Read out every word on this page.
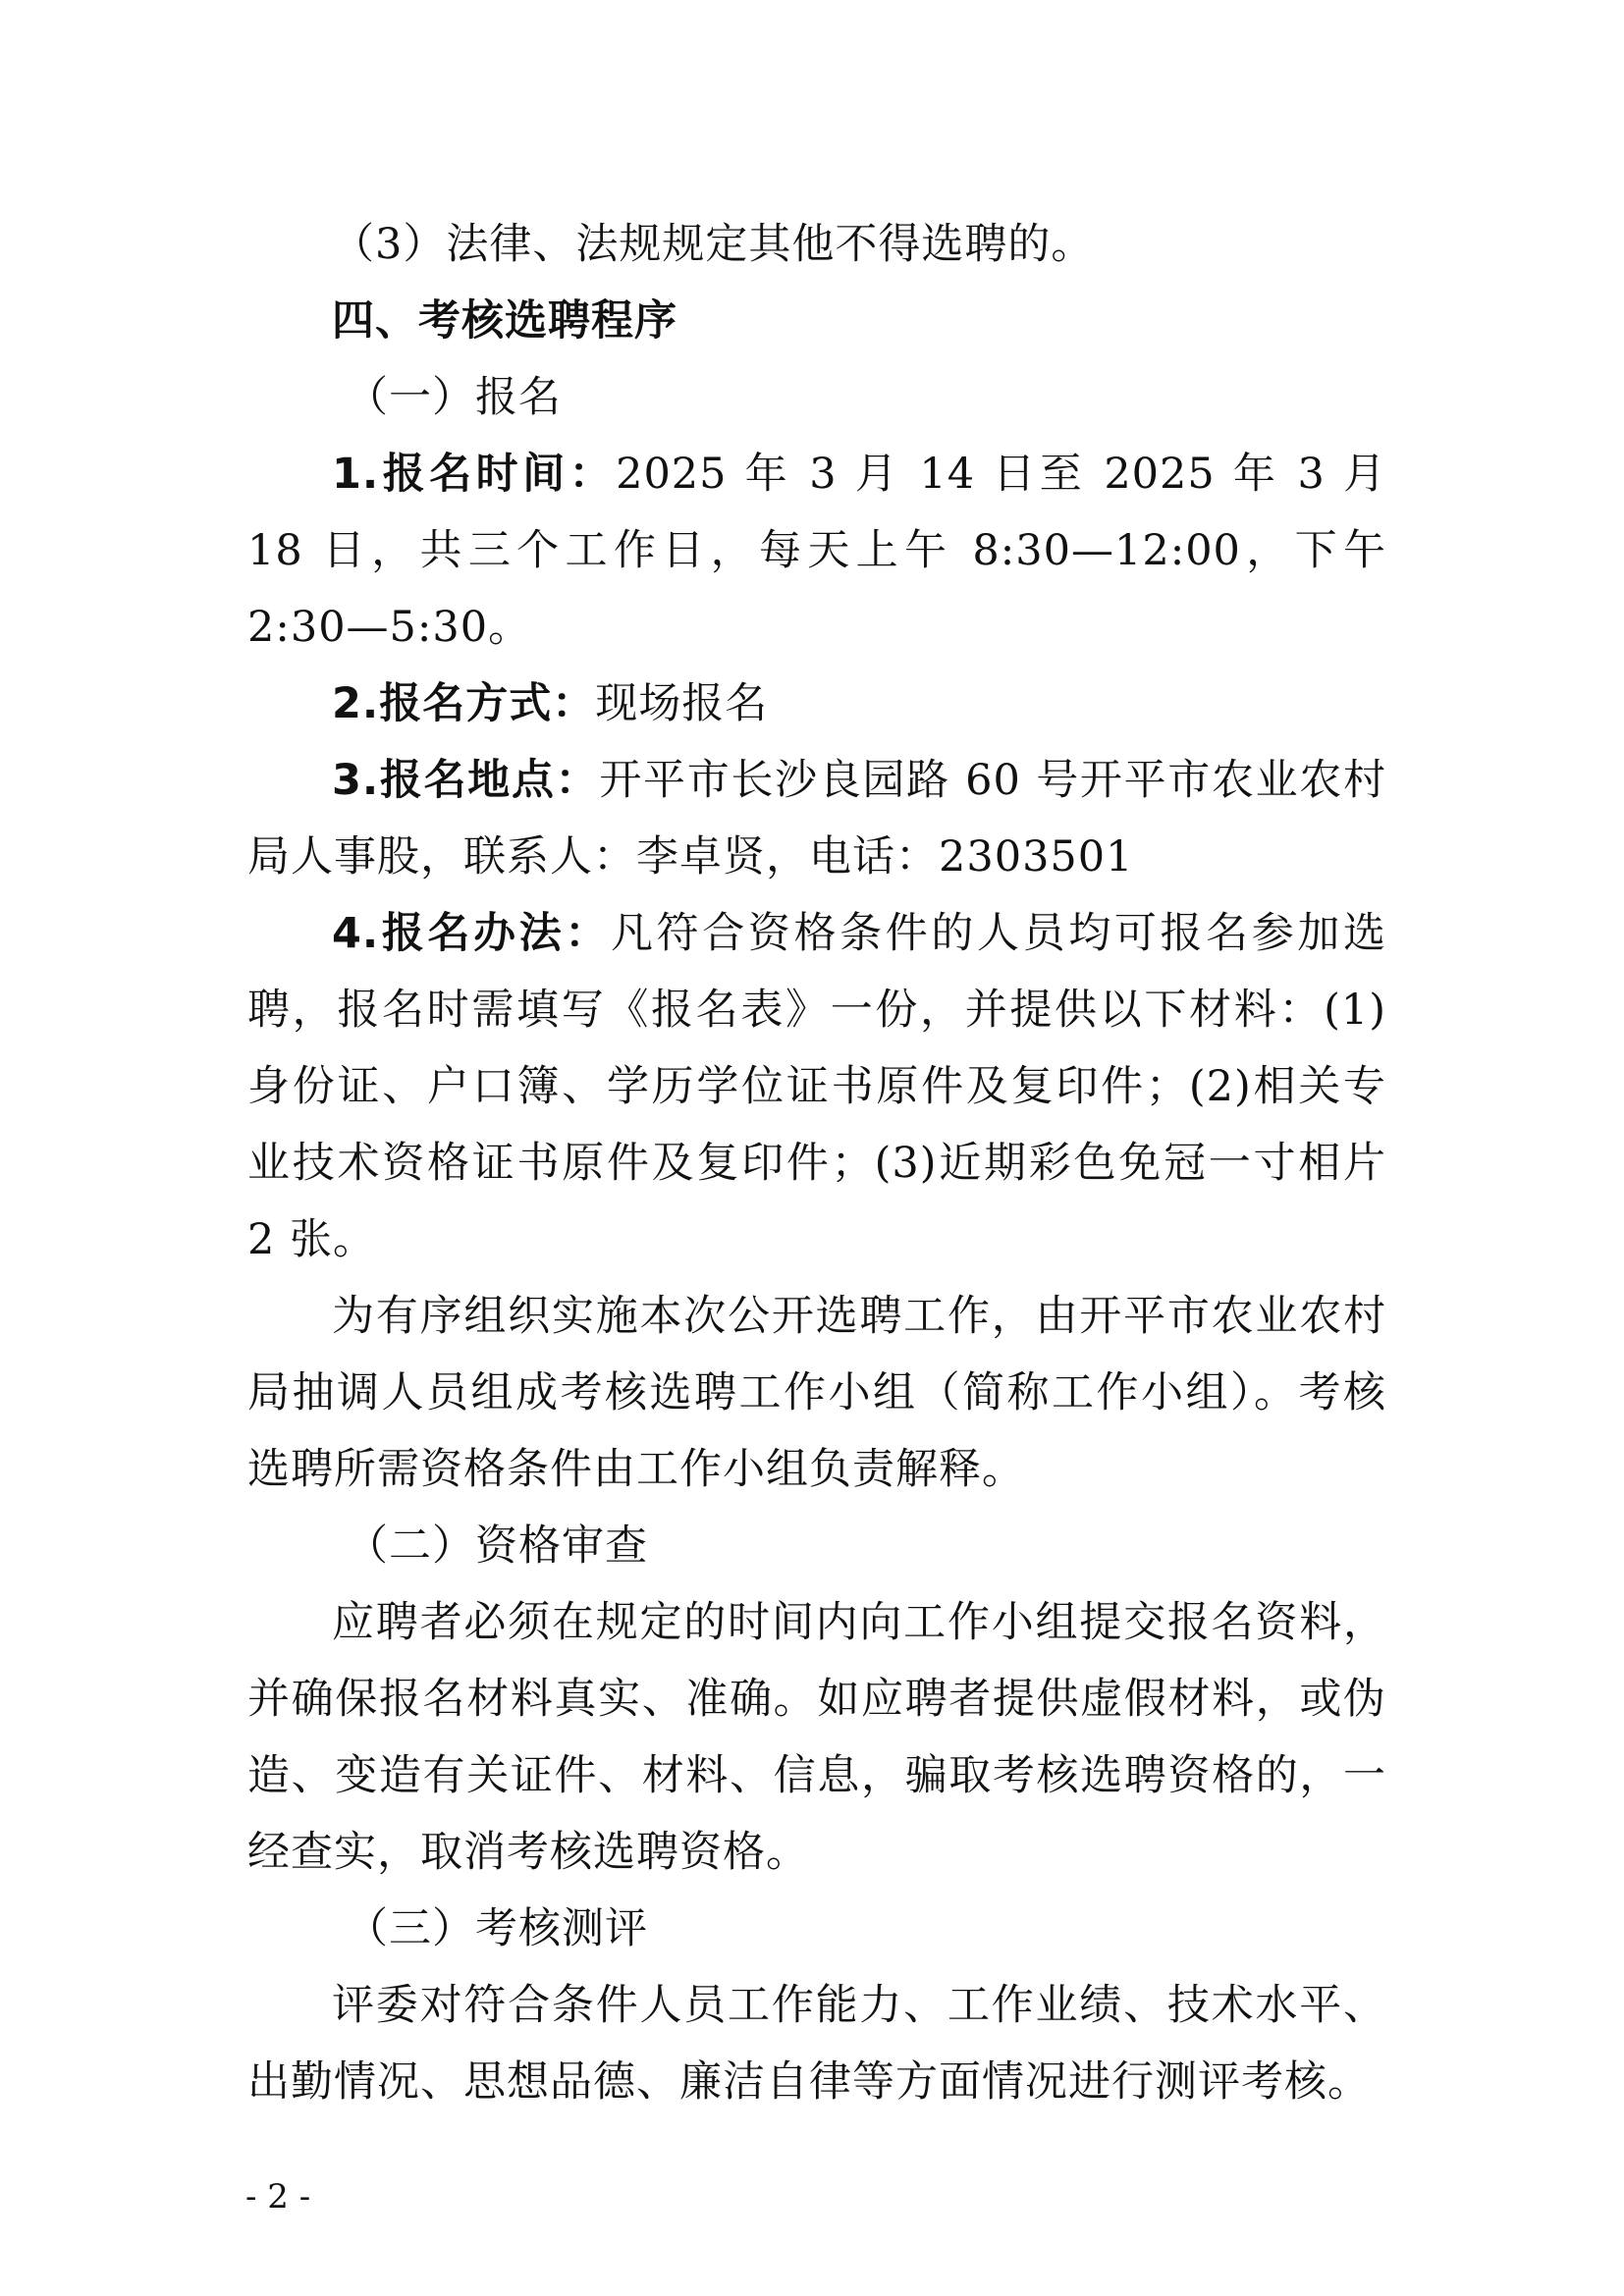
（3）法律、法规规定其他不得选聘的。

四、考核选聘程序

（一）报名

1.报名时间：2025 年 3 月 14 日至 2025 年 3 月 18 日，共三个工作日，每天上午 8:30—12:00，下午 2:30—5:30。

2.报名方式：现场报名

3.报名地点：开平市长沙良园路 60 号开平市农业农村局人事股，联系人：李卓贤，电话：2303501

4.报名办法：凡符合资格条件的人员均可报名参加选聘，报名时需填写《报名表》一份，并提供以下材料：(1)身份证、户口簿、学历学位证书原件及复印件；(2)相关专业技术资格证书原件及复印件；(3)近期彩色免冠一寸相片 2 张。

为有序组织实施本次公开选聘工作，由开平市农业农村局抽调人员组成考核选聘工作小组（简称工作小组）。考核选聘所需资格条件由工作小组负责解释。

（二）资格审查

应聘者必须在规定的时间内向工作小组提交报名资料，并确保报名材料真实、准确。如应聘者提供虚假材料，或伪造、变造有关证件、材料、信息，骗取考核选聘资格的，一经查实，取消考核选聘资格。

（三）考核测评

评委对符合条件人员工作能力、工作业绩、技术水平、出勤情况、思想品德、廉洁自律等方面情况进行测评考核。

- 2 -
